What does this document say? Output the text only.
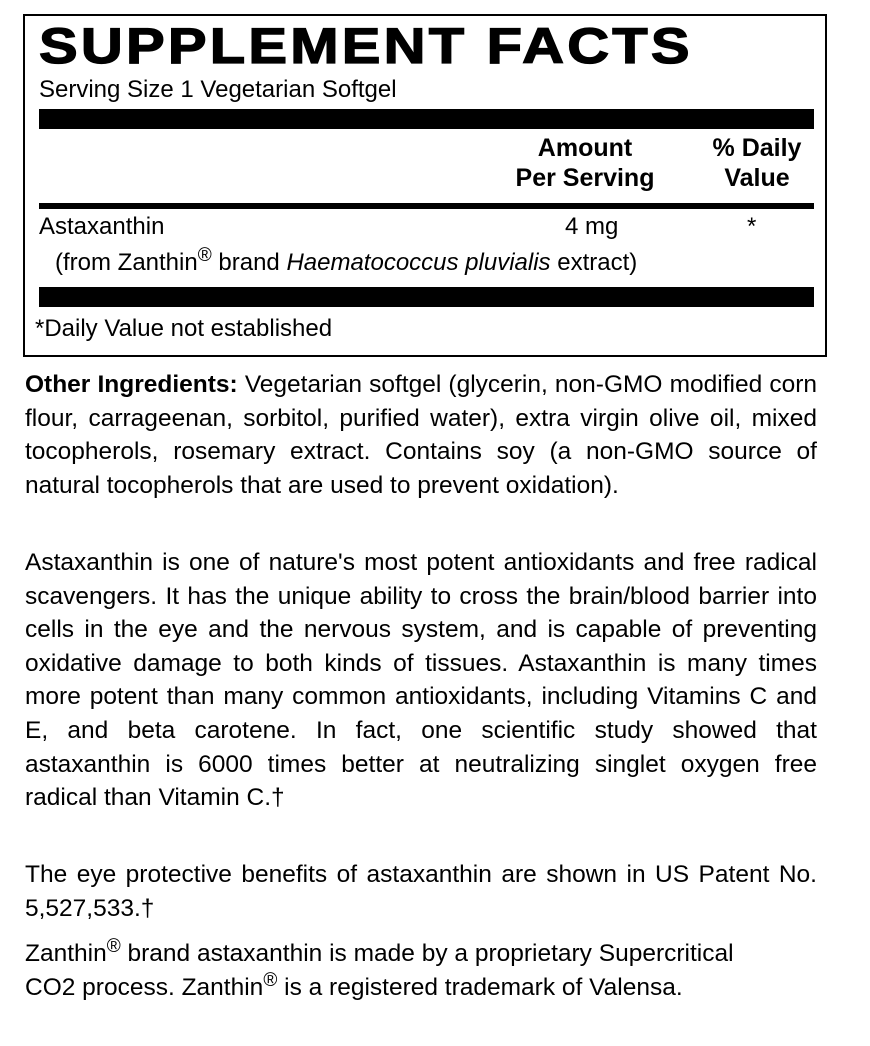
SUPPLEMENT FACTS
Serving Size 1 Vegetarian Softgel
Amount
Per Serving
% Daily
Value
Astaxanthin	4 mg	*
(from Zanthin® brand Haematococcus pluvialis extract)
*Daily Value not established
Other Ingredients: Vegetarian softgel (glycerin, non-GMO modified corn flour, carrageenan, sorbitol, purified water), extra virgin olive oil, mixed tocopherols, rosemary extract. Contains soy (a non-GMO source of natural tocopherols that are used to prevent oxidation).
Astaxanthin is one of nature's most potent antioxidants and free radical scavengers. It has the unique ability to cross the brain/blood barrier into cells in the eye and the nervous system, and is capable of preventing oxidative damage to both kinds of tissues. Astaxanthin is many times more potent than many common antioxidants, including Vitamins C and E, and beta carotene. In fact, one scientific study showed that astaxanthin is 6000 times better at neutralizing singlet oxygen free radical than Vitamin C.†
The eye protective benefits of astaxanthin are shown in US Patent No. 5,527,533.†
Zanthin® brand astaxanthin is made by a proprietary Supercritical CO2 process. Zanthin® is a registered trademark of Valensa.
